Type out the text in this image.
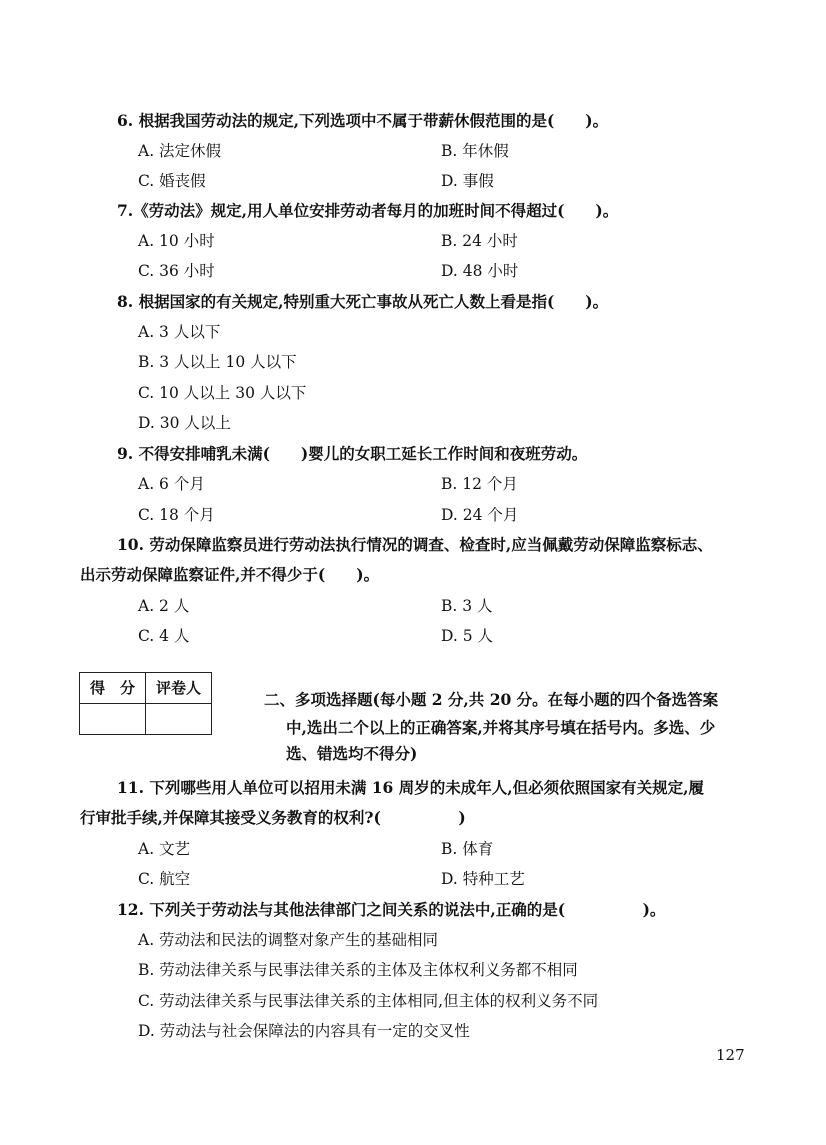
6. 根据我国劳动法的规定,下列选项中不属于带薪休假范围的是(　　)。
A. 法定休假	B. 年休假
C. 婚丧假	D. 事假
7.《劳动法》规定,用人单位安排劳动者每月的加班时间不得超过(　　)。
A. 10 小时	B. 24 小时
C. 36 小时	D. 48 小时
8. 根据国家的有关规定,特别重大死亡事故从死亡人数上看是指(　　)。
A. 3 人以下
B. 3 人以上 10 人以下
C. 10 人以上 30 人以下
D. 30 人以上
9. 不得安排哺乳未满(　　)婴儿的女职工延长工作时间和夜班劳动。
A. 6 个月	B. 12 个月
C. 18 个月	D. 24 个月
10. 劳动保障监察员进行劳动法执行情况的调查、检查时,应当佩戴劳动保障监察标志、
出示劳动保障监察证件,并不得少于(　　)。
A. 2 人	B. 3 人
C. 4 人	D. 5 人
得　分	评卷人
二、多项选择题(每小题 2 分,共 20 分。在每小题的四个备选答案
中,选出二个以上的正确答案,并将其序号填在括号内。多选、少
选、错选均不得分)
11. 下列哪些用人单位可以招用未满 16 周岁的未成年人,但必须依照国家有关规定,履
行审批手续,并保障其接受义务教育的权利?(　　　　　)
A. 文艺	B. 体育
C. 航空	D. 特种工艺
12. 下列关于劳动法与其他法律部门之间关系的说法中,正确的是(　　　　　)。
A. 劳动法和民法的调整对象产生的基础相同
B. 劳动法律关系与民事法律关系的主体及主体权利义务都不相同
C. 劳动法律关系与民事法律关系的主体相同,但主体的权利义务不同
D. 劳动法与社会保障法的内容具有一定的交叉性
127
